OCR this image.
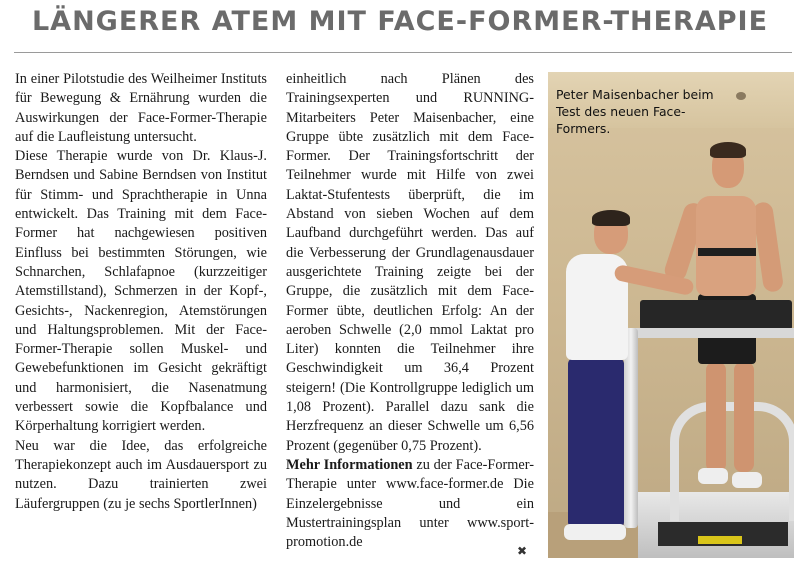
LÄNGERER ATEM MIT FACE-FORMER-THERAPIE

In einer Pilotstudie des Weilheimer Instituts für Bewegung & Ernährung wurden die Auswirkungen der Face-Former-Therapie auf die Laufleistung untersucht.

Diese Therapie wurde von Dr. Klaus-J. Berndsen und Sabine Berndsen von Institut für Stimm- und Sprachtherapie in Unna entwickelt. Das Training mit dem Face-Former hat nachgewiesen positiven Einfluss bei bestimmten Störungen, wie Schnarchen, Schlafapnoe (kurzzeitiger Atemstillstand), Schmerzen in der Kopf-, Gesichts-, Nackenregion, Atemstörungen und Haltungsproblemen. Mit der Face-Former-Therapie sollen Muskel- und Gewebefunktionen im Gesicht gekräftigt und harmonisiert, die Nasenatmung verbessert sowie die Kopfbalance und Körperhaltung korrigiert werden.

Neu war die Idee, das erfolgreiche Therapiekonzept auch im Ausdauersport zu nutzen. Dazu trainierten zwei Läufergruppen (zu je sechs SportlerInnen)

einheitlich nach Plänen des Trainingsexperten und RUNNING-Mitarbeiters Peter Maisenbacher, eine Gruppe übte zusätzlich mit dem Face-Former. Der Trainingsfortschritt der Teilnehmer wurde mit Hilfe von zwei Laktat-Stufentests überprüft, die im Abstand von sieben Wochen auf dem Laufband durchgeführt werden. Das auf die Verbesserung der Grundlagenausdauer ausgerichtete Training zeigte bei der Gruppe, die zusätzlich mit dem Face-Former übte, deutlichen Erfolg: An der aeroben Schwelle (2,0 mmol Laktat pro Liter) konnten die Teilnehmer ihre Geschwindigkeit um 36,4 Prozent steigern! (Die Kontrollgruppe lediglich um 1,08 Prozent). Parallel dazu sank die Herzfrequenz an dieser Schwelle um 6,56 Prozent (gegenüber 0,75 Prozent).

Mehr Informationen zu der Face-Former-Therapie unter www.face-former.de Die Einzelergebnisse und ein Mustertrainingsplan unter www.sport-promotion.de

✖
Peter Maisenbacher beim Test des neuen Face-Formers.
